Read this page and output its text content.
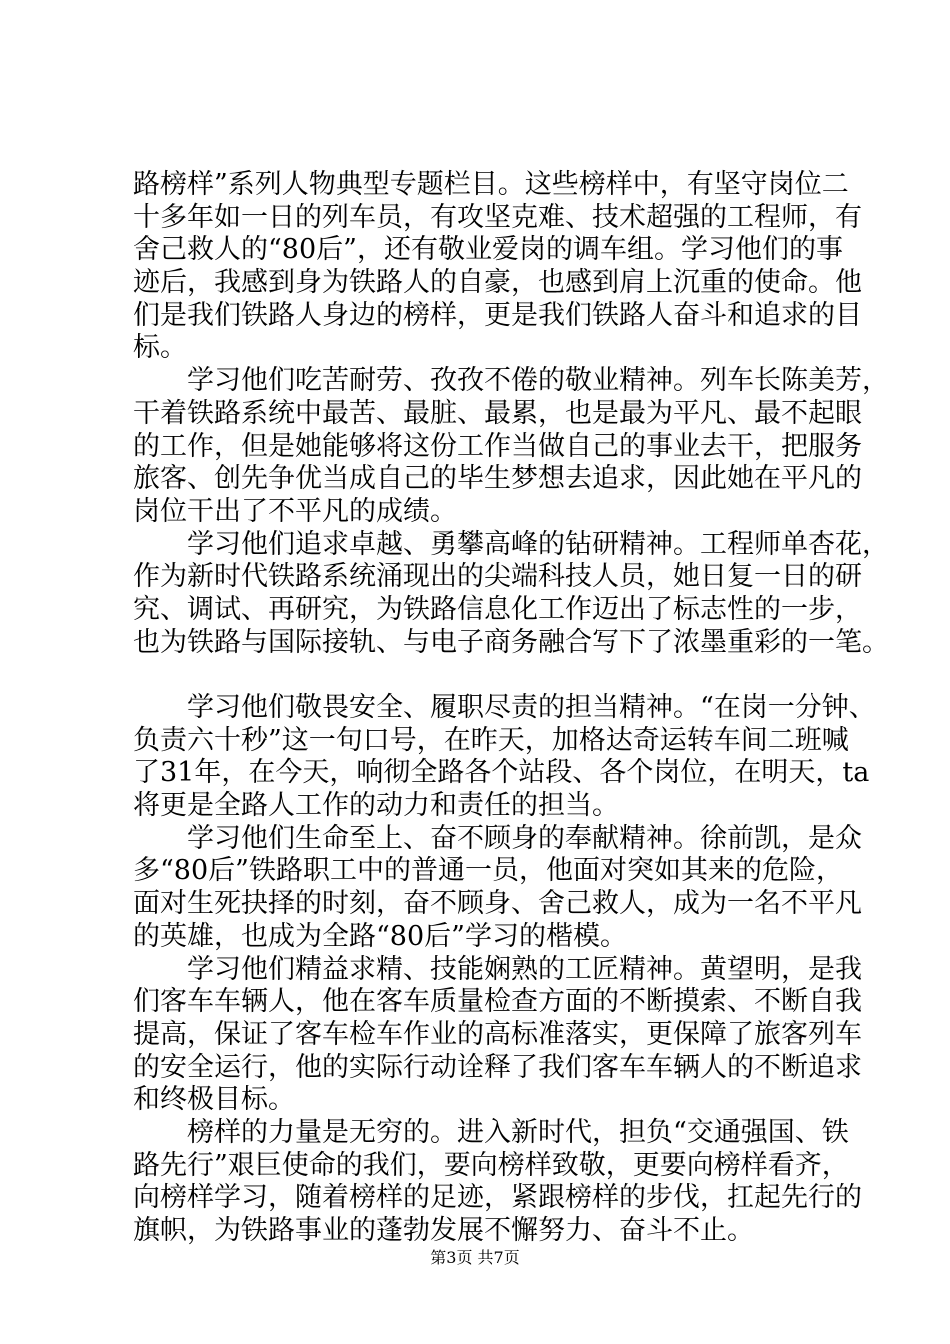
路榜样”系列人物典型专题栏目。这些榜样中，有坚守岗位二
十多年如一日的列车员，有攻坚克难、技术超强的工程师，有
舍己救人的“80后”，还有敬业爱岗的调车组。学习他们的事
迹后，我感到身为铁路人的自豪，也感到肩上沉重的使命。他
们是我们铁路人身边的榜样，更是我们铁路人奋斗和追求的目
标。
　　学习他们吃苦耐劳、孜孜不倦的敬业精神。列车长陈美芳，
干着铁路系统中最苦、最脏、最累，也是最为平凡、最不起眼
的工作，但是她能够将这份工作当做自己的事业去干，把服务
旅客、创先争优当成自己的毕生梦想去追求，因此她在平凡的
岗位干出了不平凡的成绩。
　　学习他们追求卓越、勇攀高峰的钻研精神。工程师单杏花，
作为新时代铁路系统涌现出的尖端科技人员，她日复一日的研
究、调试、再研究，为铁路信息化工作迈出了标志性的一步，
也为铁路与国际接轨、与电子商务融合写下了浓墨重彩的一笔。
　　学习他们敬畏安全、履职尽责的担当精神。“在岗一分钟、
负责六十秒”这一句口号，在昨天，加格达奇运转车间二班喊
了31年，在今天，响彻全路各个站段、各个岗位，在明天，ta
将更是全路人工作的动力和责任的担当。
　　学习他们生命至上、奋不顾身的奉献精神。徐前凯，是众
多“80后”铁路职工中的普通一员，他面对突如其来的危险，
面对生死抉择的时刻，奋不顾身、舍己救人，成为一名不平凡
的英雄，也成为全路“80后”学习的楷模。
　　学习他们精益求精、技能娴熟的工匠精神。黄望明，是我
们客车车辆人，他在客车质量检查方面的不断摸索、不断自我
提高，保证了客车检车作业的高标准落实，更保障了旅客列车
的安全运行，他的实际行动诠释了我们客车车辆人的不断追求
和终极目标。
　　榜样的力量是无穷的。进入新时代，担负“交通强国、铁
路先行”艰巨使命的我们，要向榜样致敬，更要向榜样看齐，
向榜样学习，随着榜样的足迹，紧跟榜样的步伐，扛起先行的
旗帜，为铁路事业的蓬勃发展不懈努力、奋斗不止。
第3页 共7页
